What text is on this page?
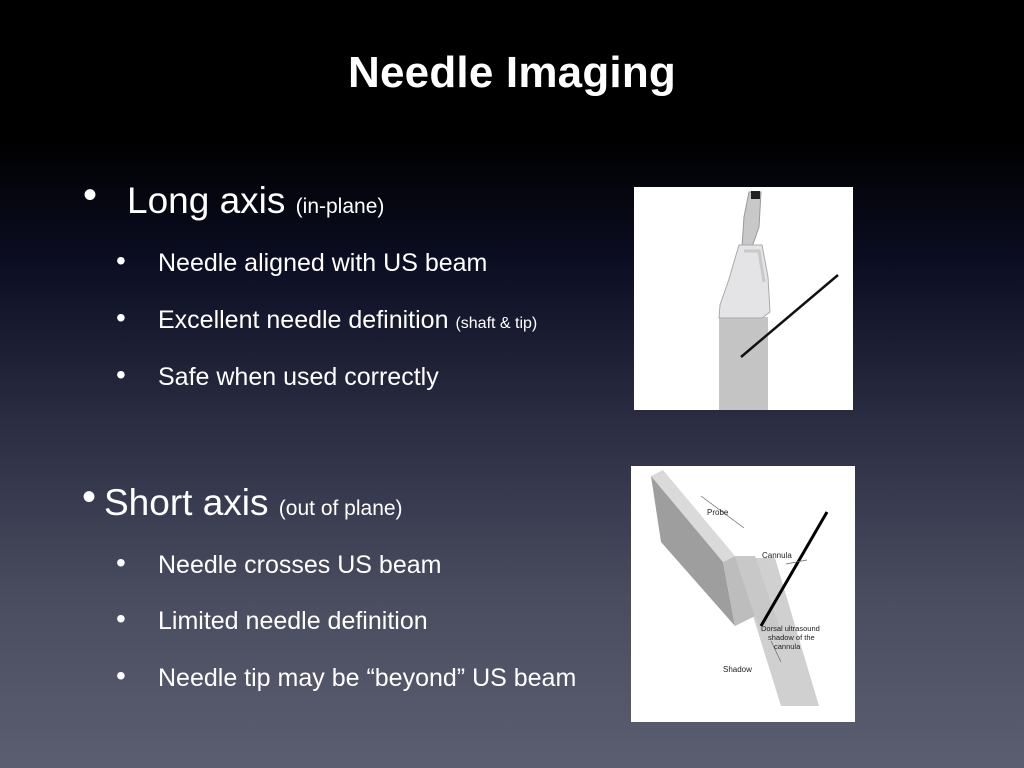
Needle Imaging
• Long axis (in-plane)
• Needle aligned with US beam
• Excellent needle definition (shaft & tip)
• Safe when used correctly
• Short axis (out of plane)
• Needle crosses US beam
• Limited needle definition
• Needle tip may be “beyond” US beam
Probe
Cannula
Dorsal ultrasound
shadow of the
cannula
Shadow
